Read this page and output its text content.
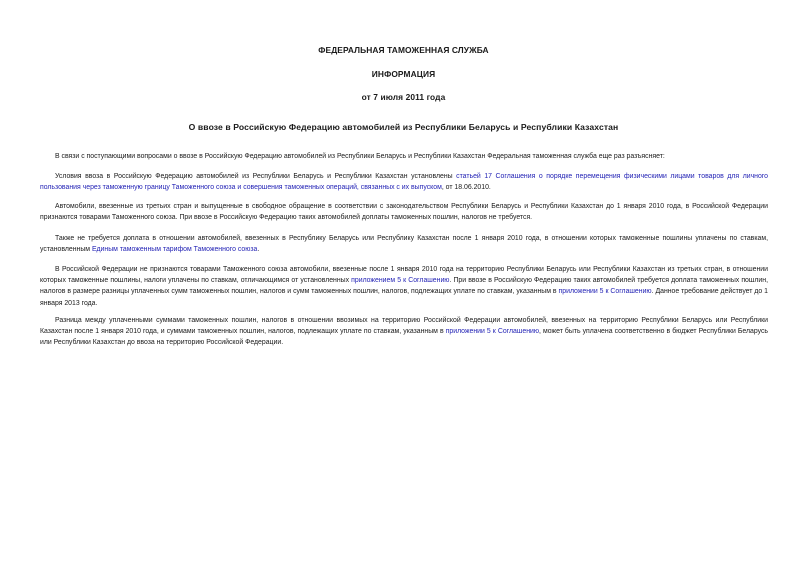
ФЕДЕРАЛЬНАЯ ТАМОЖЕННАЯ СЛУЖБА
ИНФОРМАЦИЯ
от 7 июля 2011 года
О ввозе в Российскую Федерацию автомобилей из Республики Беларусь и Республики Казахстан

В связи с поступающими вопросами о ввозе в Российскую Федерацию автомобилей из Республики Беларусь и Республики Казахстан Федеральная таможенная служба еще раз разъясняет:

Условия ввоза в Российскую Федерацию автомобилей из Республики Беларусь и Республики Казахстан установлены статьей 17 Соглашения о порядке перемещения физическими лицами товаров для личного пользования через таможенную границу Таможенного союза и совершения таможенных операций, связанных с их выпуском, от 18.06.2010.

Автомобили, ввезенные из третьих стран и выпущенные в свободное обращение в соответствии с законодательством Республики Беларусь и Республики Казахстан до 1 января 2010 года, в Российской Федерации признаются товарами Таможенного союза. При ввозе в Российскую Федерацию таких автомобилей доплаты таможенных пошлин, налогов не требуется.

Также не требуется доплата в отношении автомобилей, ввезенных в Республику Беларусь или Республику Казахстан после 1 января 2010 года, в отношении которых таможенные пошлины уплачены по ставкам, установленным Единым таможенным тарифом Таможенного союза.

В Российской Федерации не признаются товарами Таможенного союза автомобили, ввезенные после 1 января 2010 года на территорию Республики Беларусь или Республики Казахстан из третьих стран, в отношении которых таможенные пошлины, налоги уплачены по ставкам, отличающимся от установленных приложением 5 к Соглашению. При ввозе в Российскую Федерацию таких автомобилей требуется доплата таможенных пошлин, налогов в размере разницы уплаченных сумм таможенных пошлин, налогов и сумм таможенных пошлин, налогов, подлежащих уплате по ставкам, указанным в приложении 5 к Соглашению. Данное требование действует до 1 января 2013 года.

Разница между уплаченными суммами таможенных пошлин, налогов в отношении ввозимых на территорию Российской Федерации автомобилей, ввезенных на территорию Республики Беларусь или Республики Казахстан после 1 января 2010 года, и суммами таможенных пошлин, налогов, подлежащих уплате по ставкам, указанным в приложении 5 к Соглашению, может быть уплачена соответственно в бюджет Республики Беларусь или Республики Казахстан до ввоза на территорию Российской Федерации.
